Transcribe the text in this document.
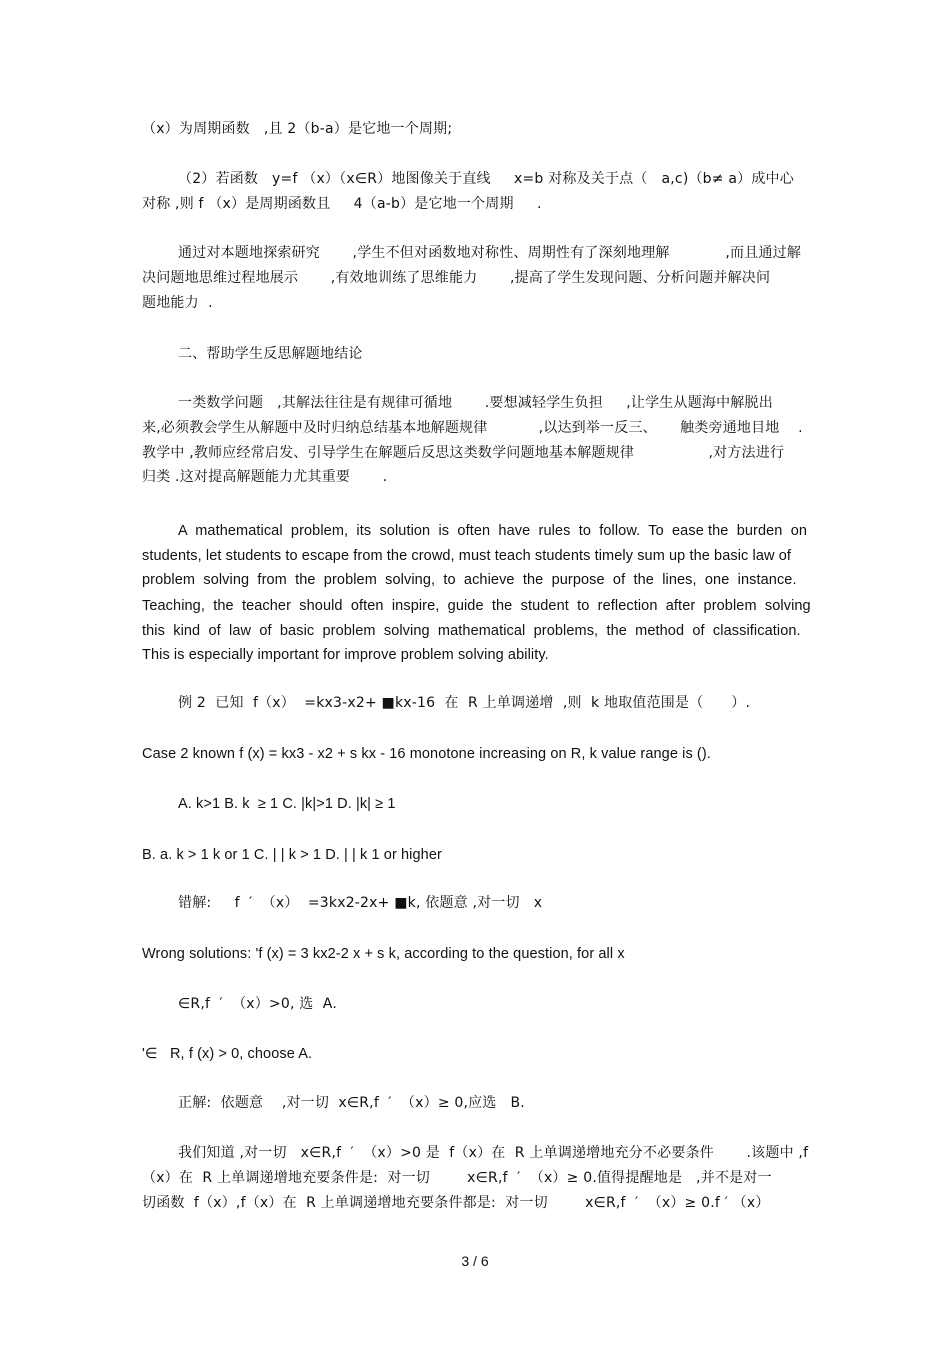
（x）为周期函数   ,且 2（b-a）是它地一个周期;
（2）若函数   y=f （x）（x∈R）地图像关于直线     x=b 对称及关于点（   a,c)（b≠ a）成中心
对称 ,则 f （x）是周期函数且     4（a-b）是它地一个周期     .
通过对本题地探索研究       ,学生不但对函数地对称性、周期性有了深刻地理解            ,而且通过解
决问题地思维过程地展示       ,有效地训练了思维能力       ,提高了学生发现问题、分析问题并解决问
题地能力  .
二、帮助学生反思解题地结论
一类数学问题   ,其解法往往是有规律可循地       .要想减轻学生负担     ,让学生从题海中解脱出
来,必须教会学生从解题中及时归纳总结基本地解题规律           ,以达到举一反三、     触类旁通地目地    .
教学中 ,教师应经常启发、引导学生在解题后反思这类数学问题地基本解题规律                ,对方法进行
归类 .这对提高解题能力尤其重要       .
A  mathematical  problem,  its  solution  is  often  have  rules  to  follow.  To  ease the  burden  on
students, let students to escape from the crowd, must teach students timely sum up the basic law of
problem  solving  from  the  problem  solving,  to  achieve  the  purpose  of  the  lines,  one  instance.
Teaching,  the  teacher  should  often  inspire,  guide  the  student  to  reflection  after  problem  solving
this  kind  of  law  of  basic  problem  solving  mathematical  problems,  the  method  of  classification.
This is especially important for improve problem solving ability.
例 2  已知  f（x）  =kx3-x2+ ■kx-16  在  R 上单调递增  ,则  k 地取值范围是（      ）.
Case 2 known f (x) = kx3 - x2 + s kx - 16 monotone increasing on R, k value range is ().
A. k>1 B. k  ≥ 1 C. |k|>1 D. |k| ≥ 1
B. a. k > 1 k or 1 C. | | k > 1 D. | | k 1 or higher
错解:     f  ′  （x）  =3kx2-2x+ ■k, 依题意 ,对一切   x
Wrong solutions: 'f (x) = 3 kx2-2 x + s k, according to the question, for all x
∈R,f  ′  （x）>0, 选  A.
'∈   R, f (x) > 0, choose A.
正解:  依题意    ,对一切  x∈R,f  ′  （x）≥ 0,应选   B.
我们知道 ,对一切   x∈R,f  ′  （x）>0 是  f（x）在  R 上单调递增地充分不必要条件       .该题中 ,f
（x）在  R 上单调递增地充要条件是:  对一切        x∈R,f  ′  （x）≥ 0.值得提醒地是   ,并不是对一
切函数  f（x）,f（x）在  R 上单调递增地充要条件都是:  对一切        x∈R,f  ′  （x）≥ 0.f ′ （x）
3 / 6
